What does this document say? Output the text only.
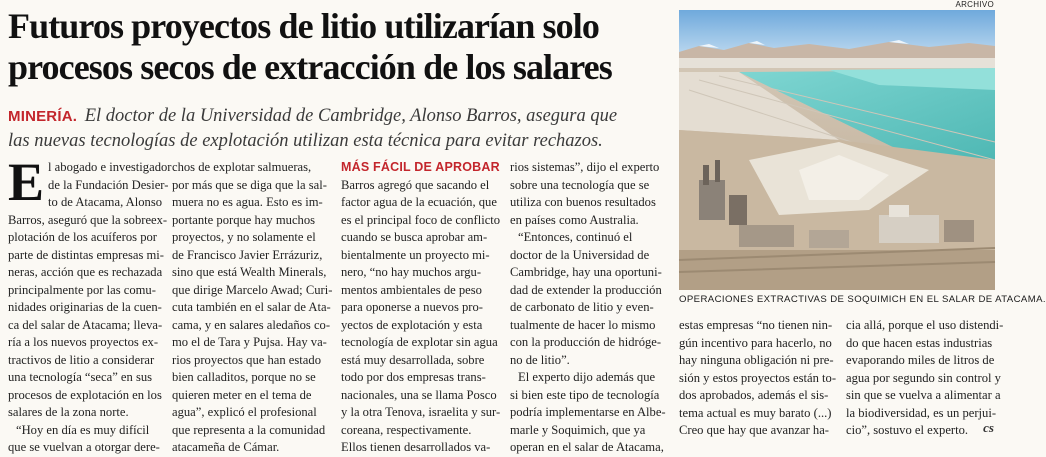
Futuros proyectos de litio utilizarían solo
procesos secos de extracción de los salares
MINERÍA. El doctor de la Universidad de Cambridge, Alonso Barros, asegura que
las nuevas tecnologías de explotación utilizan esta técnica para evitar rechazos.
ARCHIVO
OPERACIONES EXTRACTIVAS DE SOQUIMICH EN EL SALAR DE ATACAMA.
E l abogado e investigador
de la Fundación Desier-
to de Atacama, Alonso
Barros, aseguró que la sobreex-
plotación de los acuíferos por
parte de distintas empresas mi-
neras, acción que es rechazada
principalmente por las comu-
nidades originarias de la cuen-
ca del salar de Atacama; lleva-
ría a los nuevos proyectos ex-
tractivos de litio a considerar
una tecnología “seca” en sus
procesos de explotación en los
salares de la zona norte.
“Hoy en día es muy difícil
que se vuelvan a otorgar dere-
chos de explotar salmueras,
por más que se diga que la sal-
muera no es agua. Esto es im-
portante porque hay muchos
proyectos, y no solamente el
de Francisco Javier Errázuriz,
sino que está Wealth Minerals,
que dirige Marcelo Awad; Curi-
cuta también en el salar de Ata-
cama, y en salares aledaños co-
mo el de Tara y Pujsa. Hay va-
rios proyectos que han estado
bien calladitos, porque no se
quieren meter en el tema de
agua”, explicó el profesional
que representa a la comunidad
atacameña de Cámar.
MÁS FÁCIL DE APROBAR
Barros agregó que sacando el
factor agua de la ecuación, que
es el principal foco de conflicto
cuando se busca aprobar am-
bientalmente un proyecto mi-
nero, “no hay muchos argu-
mentos ambientales de peso
para oponerse a nuevos pro-
yectos de explotación y esta
tecnología de explotar sin agua
está muy desarrollada, sobre
todo por dos empresas trans-
nacionales, una se llama Posco
y la otra Tenova, israelita y sur-
coreana, respectivamente.
Ellos tienen desarrollados va-
rios sistemas”, dijo el experto
sobre una tecnología que se
utiliza con buenos resultados
en países como Australia.
“Entonces, continuó el
doctor de la Universidad de
Cambridge, hay una oportuni-
dad de extender la producción
de carbonato de litio y even-
tualmente de hacer lo mismo
con la producción de hidróge-
no de litio”.
El experto dijo además que
si bien este tipo de tecnología
podría implementarse en Albe-
marle y Soquimich, que ya
operan en el salar de Atacama,
estas empresas “no tienen nin-
gún incentivo para hacerlo, no
hay ninguna obligación ni pre-
sión y estos proyectos están to-
dos aprobados, además el sis-
tema actual es muy barato (...)
Creo que hay que avanzar ha-
cia allá, porque el uso distendi-
do que hacen estas industrias
evaporando miles de litros de
agua por segundo sin control y
sin que se vuelva a alimentar a
la biodiversidad, es un perjui-
cio”, sostuvo el experto.	cs
